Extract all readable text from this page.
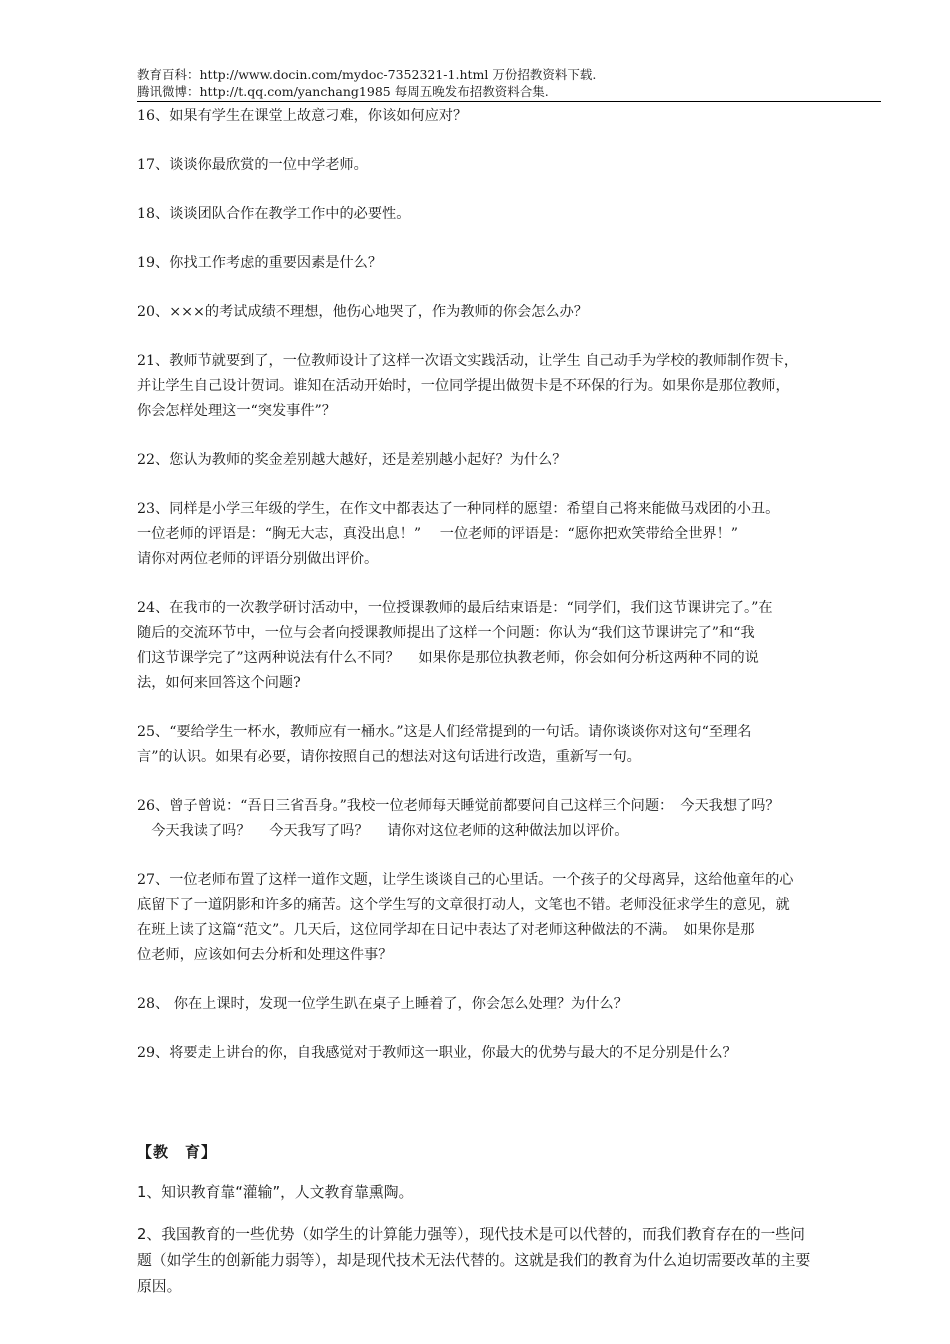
教育百科：http://www.docin.com/mydoc-7352321-1.html 万份招教资料下载.
腾讯微博：http://t.qq.com/yanchang1985 每周五晚发布招教资料合集.

16、如果有学生在课堂上故意刁难，你该如何应对？

17、谈谈你最欣赏的一位中学老师。

18、谈谈团队合作在教学工作中的必要性。

19、你找工作考虑的重要因素是什么？

20、×××的考试成绩不理想，他伤心地哭了，作为教师的你会怎么办？

21、教师节就要到了，一位教师设计了这样一次语文实践活动，让学生 自己动手为学校的教师制作贺卡，

并让学生自己设计贺词。谁知在活动开始时，一位同学提出做贺卡是不环保的行为。如果你是那位教师，

你会怎样处理这一“突发事件”？

22、您认为教师的奖金差别越大越好，还是差别越小起好？为什么？

23、同样是小学三年级的学生，在作文中都表达了一种同样的愿望：希望自己将来能做马戏团的小丑。

一位老师的评语是：“胸无大志，真没出息！”　 一位老师的评语是：“愿你把欢笑带给全世界！”

请你对两位老师的评语分别做出评价。

24、在我市的一次教学研讨活动中，一位授课教师的最后结束语是：“同学们，我们这节课讲完了。”在

随后的交流环节中，一位与会者向授课教师提出了这样一个问题：你认为“我们这节课讲完了”和“我

们这节课学完了”这两种说法有什么不同？　 如果你是那位执教老师，你会如何分析这两种不同的说

法，如何来回答这个问题?

25、“要给学生一杯水，教师应有一桶水。”这是人们经常提到的一句话。请你谈谈你对这句“至理名

言”的认识。如果有必要，请你按照自己的想法对这句话进行改造，重新写一句。

26、曾子曾说：“吾日三省吾身。”我校一位老师每天睡觉前都要问自己这样三个问题：　今天我想了吗？

　今天我读了吗？　 今天我写了吗？　 请你对这位老师的这种做法加以评价。

27、一位老师布置了这样一道作文题，让学生谈谈自己的心里话。一个孩子的父母离异，这给他童年的心

底留下了一道阴影和许多的痛苦。这个学生写的文章很打动人，文笔也不错。老师没征求学生的意见，就

在班上读了这篇“范文”。几天后，这位同学却在日记中表达了对老师这种做法的不满。　如果你是那

位老师，应该如何去分析和处理这件事？

28、 你在上课时，发现一位学生趴在桌子上睡着了，你会怎么处理？为什么？

29、将要走上讲台的你，自我感觉对于教师这一职业，你最大的优势与最大的不足分别是什么？

【教　育】
1、知识教育靠“灌输”，人文教育靠熏陶。
2、我国教育的一些优势（如学生的计算能力强等），现代技术是可以代替的，而我们教育存在的一些问
题（如学生的创新能力弱等），却是现代技术无法代替的。这就是我们的教育为什么迫切需要改革的主要
原因。
